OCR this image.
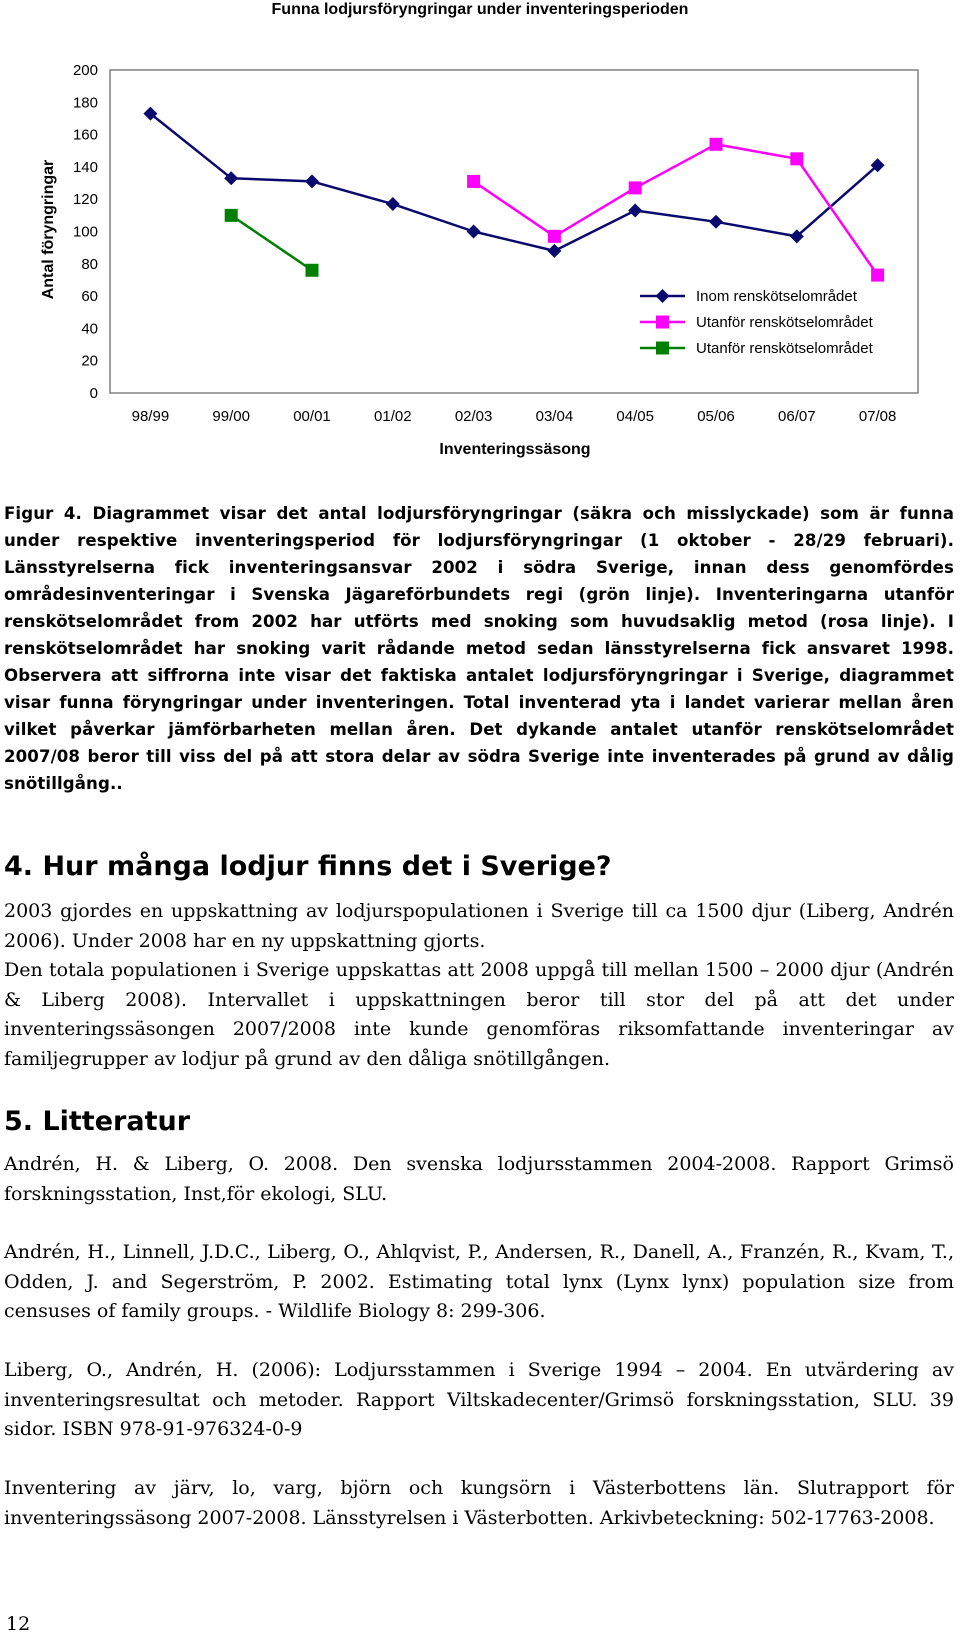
Funna lodjursföryngringar under inventeringsperioden
0
20
40
60
80
100
120
140
160
180
200
98/99	99/00	00/01	01/02	02/03	03/04	04/05	05/06	06/07	07/08
Inventeringssäsong
Antal föryngringar	Inom renskötselområdet
Utanför renskötselområdet
Utanför renskötselområdet
Figur 4. Diagrammet visar det antal lodjursföryngringar (säkra och misslyckade) som är funna under respektive inventeringsperiod för lodjursföryngringar (1 oktober - 28/29 februari). Länsstyrelserna fick inventeringsansvar 2002 i södra Sverige, innan dess genomfördes områdesinventeringar i Svenska Jägareförbundets regi (grön linje). Inventeringarna utanför renskötselområdet from 2002 har utförts med snoking som huvudsaklig metod (rosa linje). I renskötselområdet har snoking varit rådande metod sedan länsstyrelserna fick ansvaret 1998. Observera att siffrorna inte visar det faktiska antalet lodjursföryngringar i Sverige, diagrammet visar funna föryngringar under inventeringen. Total inventerad yta i landet varierar mellan åren vilket påverkar jämförbarheten mellan åren. Det dykande antalet utanför renskötselområdet 2007/08 beror till viss del på att stora delar av södra Sverige inte inventerades på grund av dålig snötillgång..
4. Hur många lodjur finns det i Sverige?

2003 gjordes en uppskattning av lodjurspopulationen i Sverige till ca 1500 djur (Liberg, Andrén 2006). Under 2008 har en ny uppskattning gjorts.

Den totala populationen i Sverige uppskattas att 2008 uppgå till mellan 1500 – 2000 djur (Andrén & Liberg 2008). Intervallet i uppskattningen beror till stor del på att det under inventeringssäsongen 2007/2008 inte kunde genomföras riksomfattande inventeringar av familjegrupper av lodjur på grund av den dåliga snötillgången.

5. Litteratur

Andrén, H. & Liberg, O. 2008. Den svenska lodjursstammen 2004-2008. Rapport Grimsö forskningsstation, Inst,för ekologi, SLU.

Andrén, H., Linnell, J.D.C., Liberg, O., Ahlqvist, P., Andersen, R., Danell, A., Franzén, R., Kvam, T., Odden, J. and Segerström, P. 2002. Estimating total lynx (Lynx lynx) population size from censuses of family groups. - Wildlife Biology 8: 299-306.

Liberg, O., Andrén, H. (2006): Lodjursstammen i Sverige 1994 – 2004. En utvärdering av inventeringsresultat och metoder. Rapport Viltskadecenter/Grimsö forskningsstation, SLU. 39 sidor. ISBN 978-91-976324-0-9

Inventering av järv, lo, varg, björn och kungsörn i Västerbottens län. Slutrapport för inventeringssäsong 2007-2008. Länsstyrelsen i Västerbotten. Arkivbeteckning: 502-17763-2008.

12
